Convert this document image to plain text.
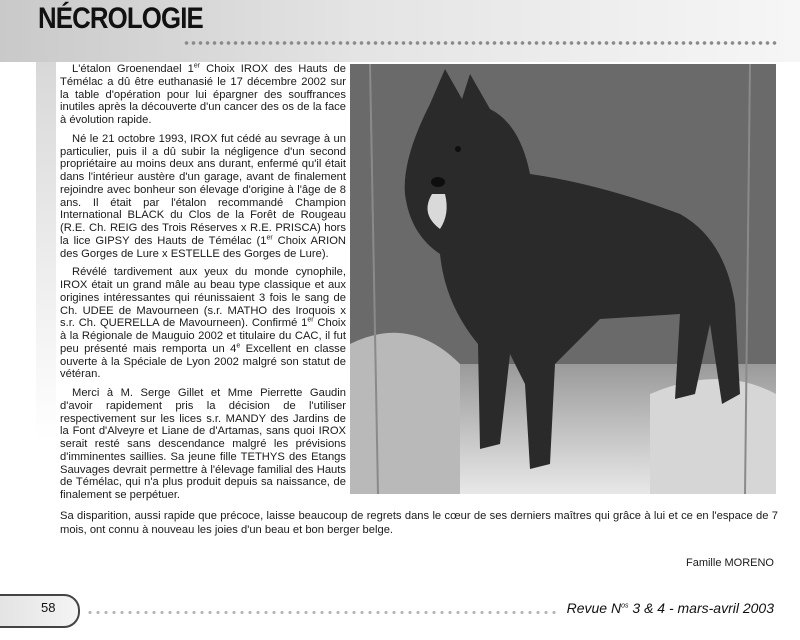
NÉCROLOGIE

L'étalon Groenendael 1er Choix IROX des Hauts de Témélac a dû être euthanasié le 17 décembre 2002 sur la table d'opération pour lui épargner des souffrances inutiles après la découverte d'un cancer des os de la face à évolution rapide.

Né le 21 octobre 1993, IROX fut cédé au sevrage à un particulier, puis il a dû subir la négligence d'un second propriétaire au moins deux ans durant, enfermé qu'il était dans l'intérieur austère d'un garage, avant de finalement rejoindre avec bonheur son élevage d'origine à l'âge de 8 ans. Il était par l'étalon recommandé Champion International BLACK du Clos de la Forêt de Rougeau (R.E. Ch. REIG des Trois Réserves x R.E. PRISCA) hors la lice GIPSY des Hauts de Témélac (1er Choix ARION des Gorges de Lure x ESTELLE des Gorges de Lure).

Révélé tardivement aux yeux du monde cynophile, IROX était un grand mâle au beau type classique et aux origines intéressantes qui réunissaient 3 fois le sang de Ch. UDEE de Mavourneen (s.r. MATHO des Iroquois x s.r. Ch. QUERELLA de Mavourneen). Confirmé 1er Choix à la Régionale de Mauguio 2002 et titulaire du CAC, il fut peu présenté mais remporta un 4e Excellent en classe ouverte à la Spéciale de Lyon 2002 malgré son statut de vétéran.

Merci à M. Serge Gillet et Mme Pierrette Gaudin d'avoir rapidement pris la décision de l'utiliser respectivement sur les lices s.r. MANDY des Jardins de la Font d'Alveyre et Liane de d'Artamas, sans quoi IROX serait resté sans descendance malgré les prévisions d'imminentes saillies. Sa jeune fille TETHYS des Etangs Sauvages devrait permettre à l'élevage familial des Hauts de Témélac, qui n'a plus produit depuis sa naissance, de finalement se perpétuer.

Sa disparition, aussi rapide que précoce, laisse beaucoup de regrets dans le cœur de ses derniers maîtres qui grâce à lui et ce en l'espace de 7 mois, ont connu à nouveau les joies d'un beau et bon berger belge.

Famille MORENO

58	Revue $N^{os}$ 3 & 4 - mars-avril 2003
